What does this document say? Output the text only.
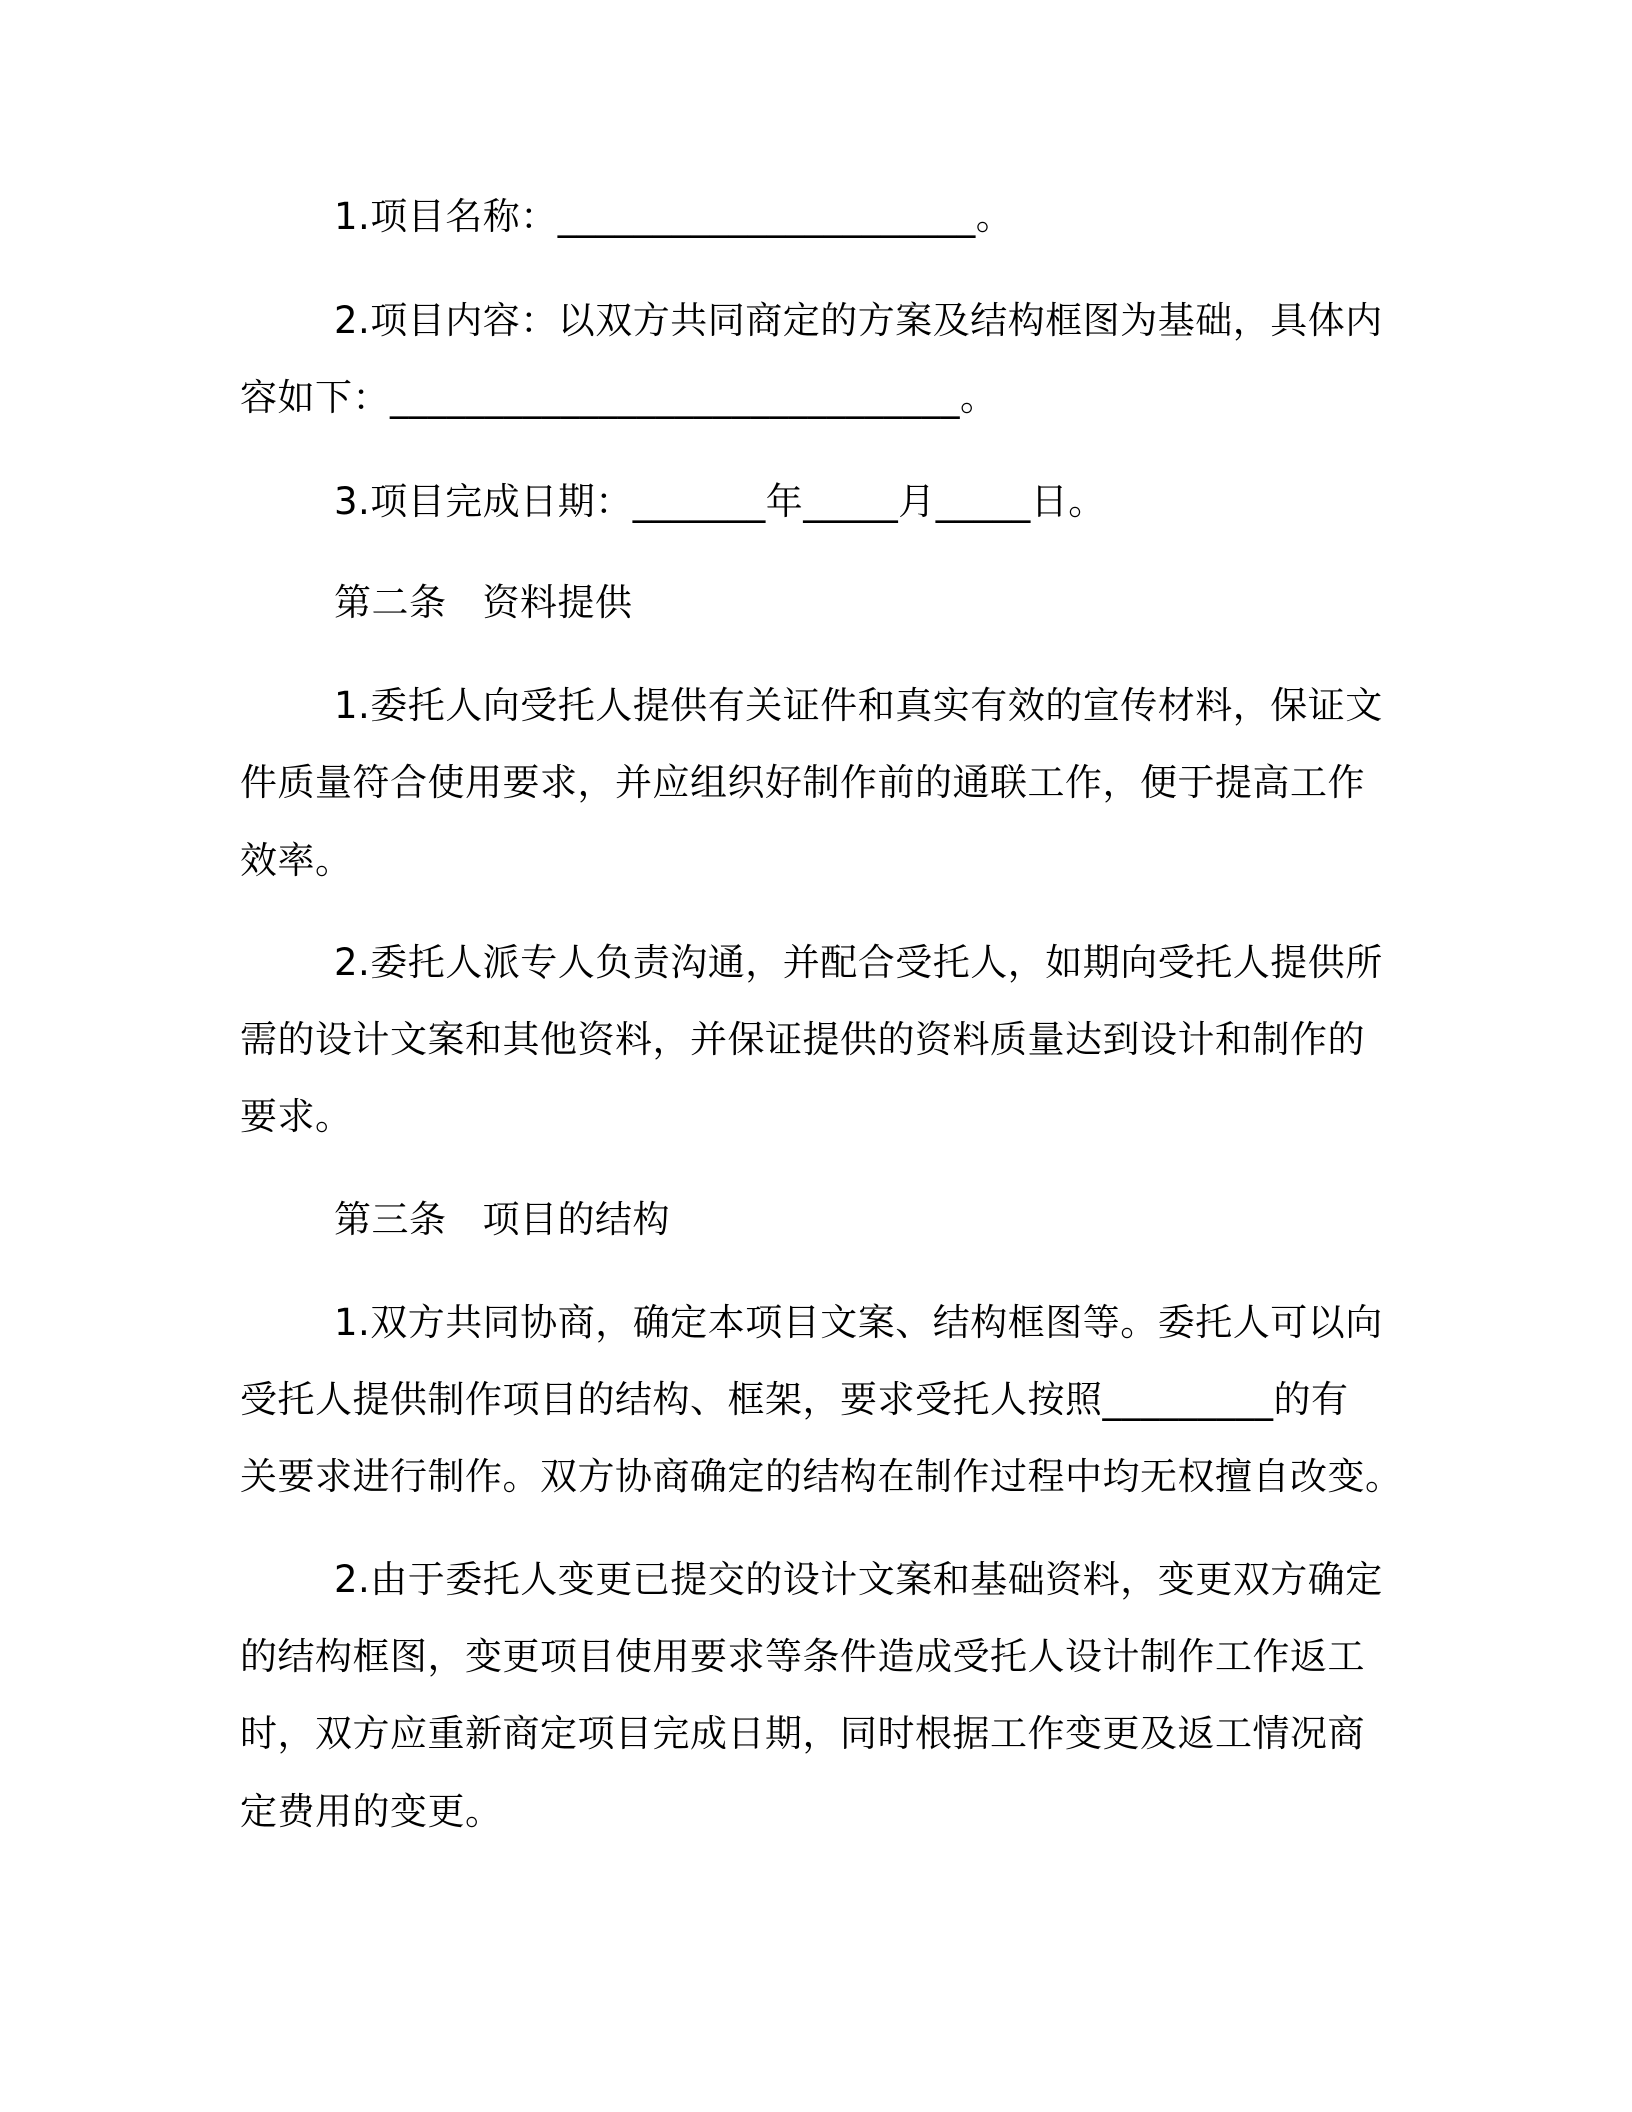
1.项目名称：______________________。
2.项目内容：以双方共同商定的方案及结构框图为基础，具体内
容如下：______________________________。
3.项目完成日期：_______年_____月_____日。
第二条 资料提供
1.委托人向受托人提供有关证件和真实有效的宣传材料，保证文
件质量符合使用要求，并应组织好制作前的通联工作，便于提高工作
效率。
2.委托人派专人负责沟通，并配合受托人，如期向受托人提供所
需的设计文案和其他资料，并保证提供的资料质量达到设计和制作的
要求。
第三条 项目的结构
1.双方共同协商，确定本项目文案、结构框图等。委托人可以向
受托人提供制作项目的结构、框架，要求受托人按照_________的有
关要求进行制作。双方协商确定的结构在制作过程中均无权擅自改变。
2.由于委托人变更已提交的设计文案和基础资料，变更双方确定
的结构框图，变更项目使用要求等条件造成受托人设计制作工作返工
时，双方应重新商定项目完成日期，同时根据工作变更及返工情况商
定费用的变更。
